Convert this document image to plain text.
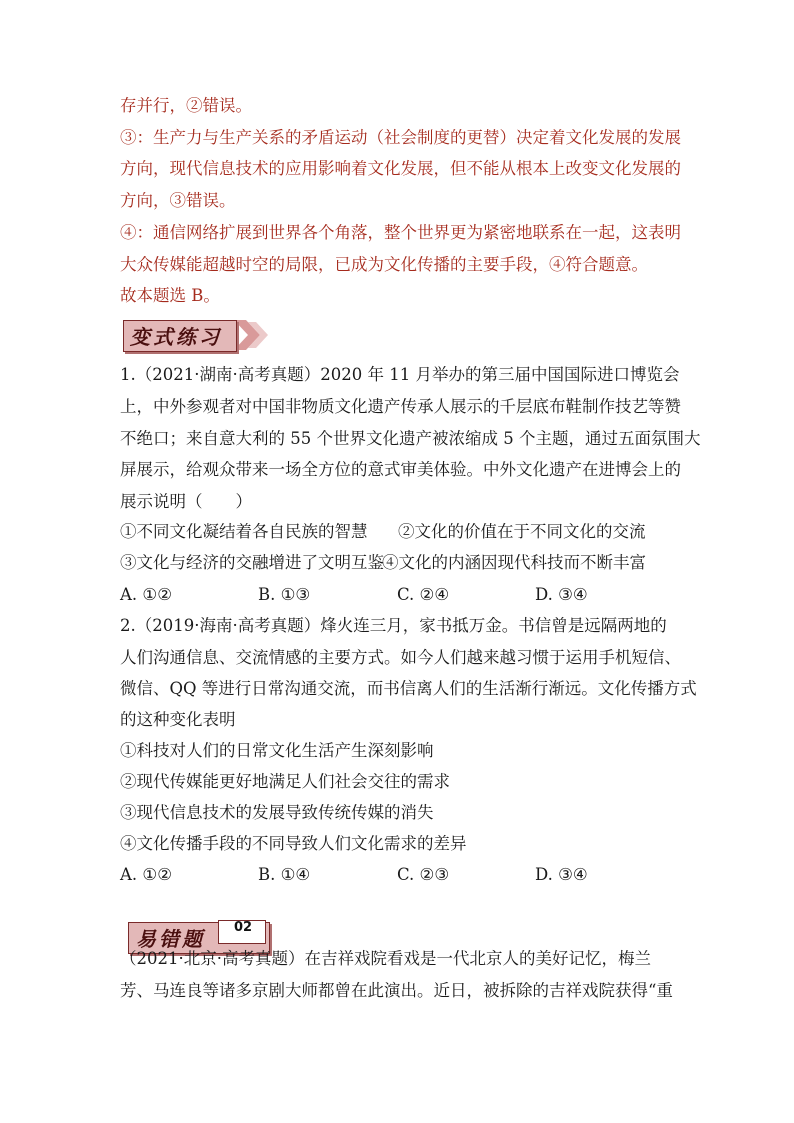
存并行，②错误。
③：生产力与生产关系的矛盾运动（社会制度的更替）决定着文化发展的发展
方向，现代信息技术的应用影响着文化发展，但不能从根本上改变文化发展的
方向，③错误。
④：通信网络扩展到世界各个角落，整个世界更为紧密地联系在一起，这表明
大众传媒能超越时空的局限，已成为文化传播的主要手段，④符合题意。
故本题选 B。
变式练习
1.（2021·湖南·高考真题）2020 年 11 月举办的第三届中国国际进口博览会
上，中外参观者对中国非物质文化遗产传承人展示的千层底布鞋制作技艺等赞
不绝口；来自意大利的 55 个世界文化遗产被浓缩成 5 个主题，通过五面氛围大
屏展示，给观众带来一场全方位的意式审美体验。中外文化遗产在进博会上的
展示说明（　　）
①不同文化凝结着各自民族的智慧 ②文化的价值在于不同文化的交流
③文化与经济的交融增进了文明互鉴
④文化的内涵因现代科技而不断丰富
A. ①②	B. ①③	C. ②④	D. ③④
2.（2019·海南·高考真题）烽火连三月，家书抵万金。书信曾是远隔两地的
人们沟通信息、交流情感的主要方式。如今人们越来越习惯于运用手机短信、
微信、QQ 等进行日常沟通交流，而书信离人们的生活渐行渐远。文化传播方式
的这种变化表明
①科技对人们的日常文化生活产生深刻影响
②现代传媒能更好地满足人们社会交往的需求
③现代信息技术的发展导致传统传媒的消失
④文化传播手段的不同导致人们文化需求的差异
A. ①②	B. ①④	C. ②③	D. ③④
易错题 02
（2021·北京·高考真题）在吉祥戏院看戏是一代北京人的美好记忆，梅兰
芳、马连良等诸多京剧大师都曾在此演出。近日，被拆除的吉祥戏院获得“重
